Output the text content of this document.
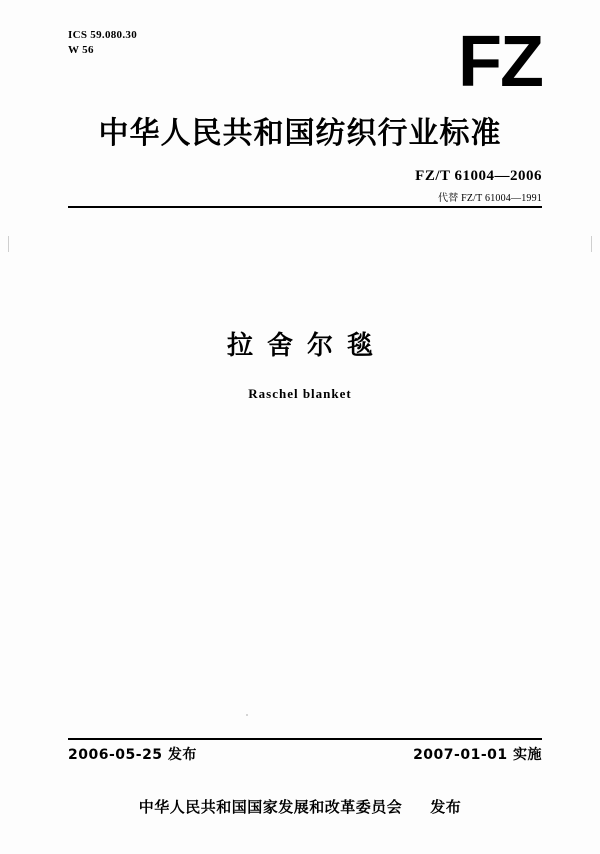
ICS 59.080.30
W 56	FZ
中华人民共和国纺织行业标准
FZ/T 61004—2006
代替 FZ/T 61004—1991
拉舍尔毯
Raschel blanket
2006-05-25 发布	2007-01-01 实施
中华人民共和国国家发展和改革委员会 发布
